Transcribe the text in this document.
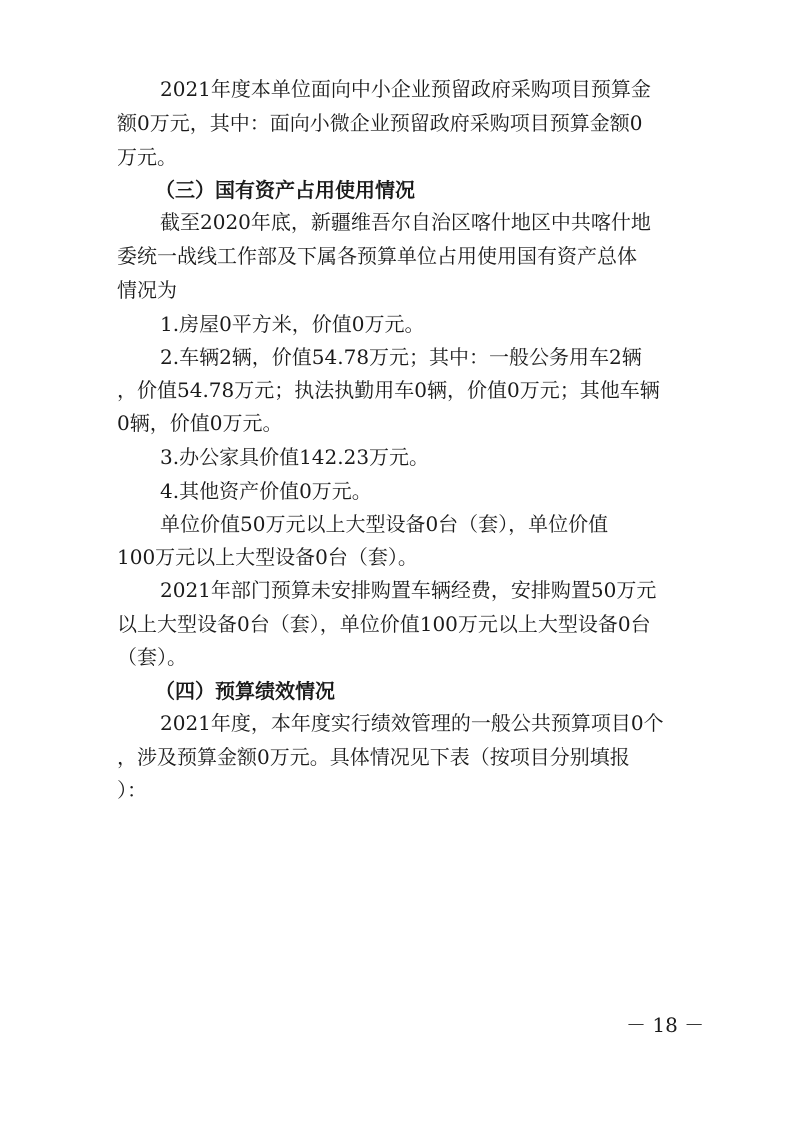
2021年度本单位面向中小企业预留政府采购项目预算金
额0万元，其中：面向小微企业预留政府采购项目预算金额0
万元。
（三）国有资产占用使用情况
截至2020年底，新疆维吾尔自治区喀什地区中共喀什地
委统一战线工作部及下属各预算单位占用使用国有资产总体
情况为
1.房屋0平方米，价值0万元。
2.车辆2辆，价值54.78万元；其中：一般公务用车2辆
，价值54.78万元；执法执勤用车0辆，价值0万元；其他车辆
0辆，价值0万元。
3.办公家具价值142.23万元。
4.其他资产价值0万元。
单位价值50万元以上大型设备0台（套），单位价值
100万元以上大型设备0台（套）。
2021年部门预算未安排购置车辆经费，安排购置50万元
以上大型设备0台（套），单位价值100万元以上大型设备0台
（套）。
（四）预算绩效情况
2021年度，本年度实行绩效管理的一般公共预算项目0个
，涉及预算金额0万元。具体情况见下表（按项目分别填报
）：
－ 18 －
